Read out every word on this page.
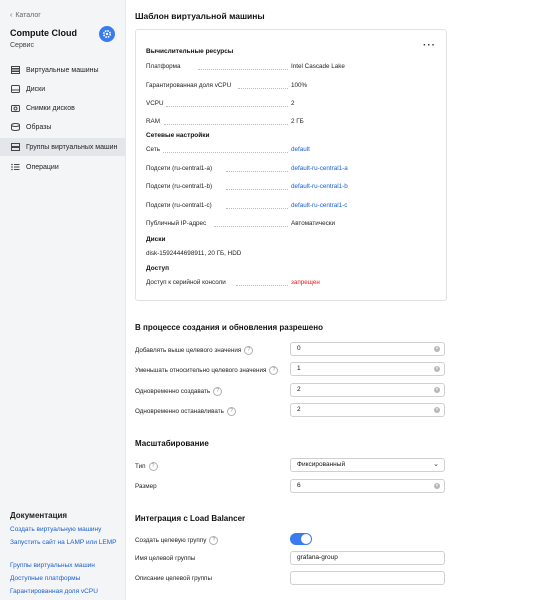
‹ Каталог
Compute Cloud
Сервис
Виртуальные машины
Диски
Снимки дисков
Образы
Группы виртуальных машин
Операции
Документация
Создать виртуальную машину
Запустить сайт на LAMP или LEMP
Группы виртуальных машин
Доступные платформы
Гарантированная доля vCPU
Шаблон виртуальной машины
···
Вычислительные ресурсы
Платформа	Intel Cascade Lake
Гарантированная доля vCPU	100%
VCPU	2
RAM	2 ГБ
Сетевые настройки
Сеть	default
Подсети (ru-central1-a)	default-ru-central1-a
Подсети (ru-central1-b)	default-ru-central1-b
Подсети (ru-central1-c)	default-ru-central1-c
Публичный IP-адрес	Автоматически
Диски
disk-1592444698911, 20 ГБ, HDD
Доступ
Доступ к серийной консоли	запрещен
В процессе создания и обновления разрешено
Добавлять выше целевого значения ?	0	×
Уменьшать относительно целевого значения ?	1	×
Одновременно создавать ?	2	×
Одновременно останавливать ?	2	×
Масштабирование
Тип ?	Фиксированный	⌄
Размер	6	×
Интеграция с Load Balancer
Создать целевую группу ?
Имя целевой группы	grafana-group
Описание целевой группы
